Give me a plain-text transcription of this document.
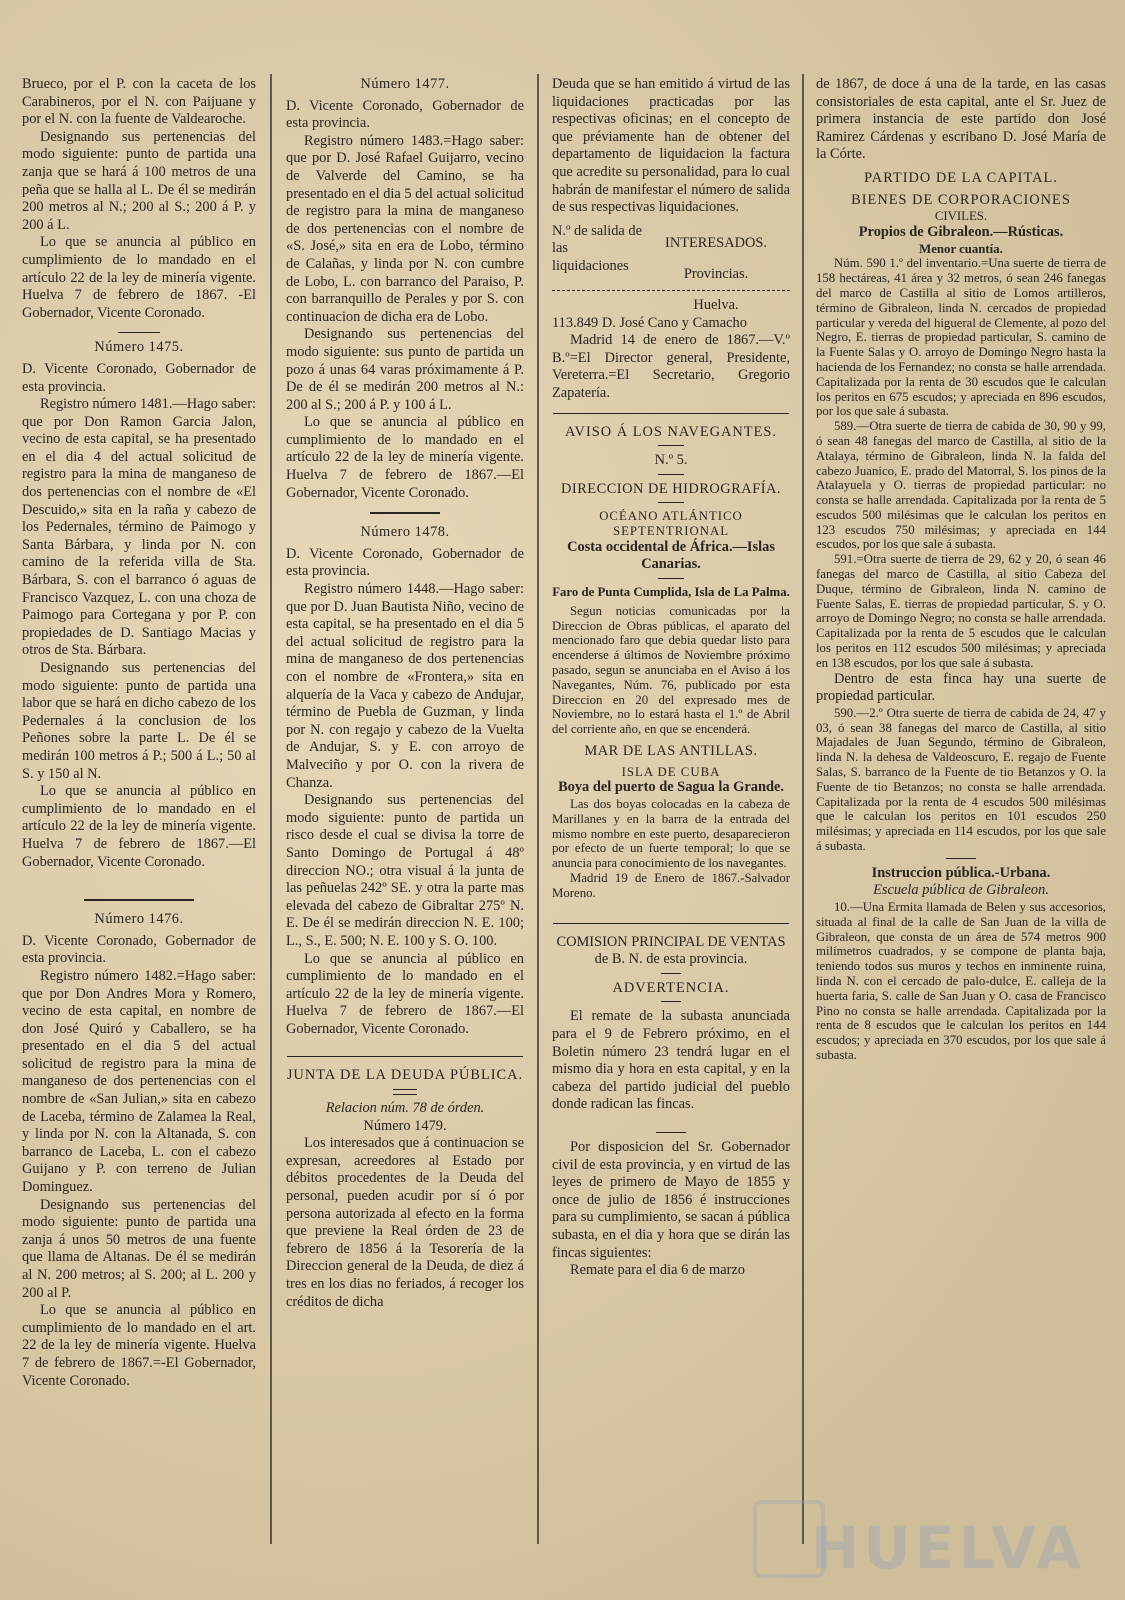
Brueco, por el P. con la caceta de los Carabineros, por el N. con Paijuane y por el N. con la fuente de Valdearoche.

Designando sus pertenencias del modo siguiente: punto de partida una zanja que se hará á 100 metros de una peña que se halla al L. De él se medirán 200 metros al N.; 200 al S.; 200 á P. y 200 á L.

Lo que se anuncia al público en cumplimiento de lo mandado en el artículo 22 de la ley de minería vigente. Huelva 7 de febrero de 1867. -El Gobernador, Vicente Coronado.

Número 1475.

D. Vicente Coronado, Gobernador de esta provincia.

Registro número 1481.—Hago saber: que por Don Ramon Garcia Jalon, vecino de esta capital, se ha presentado en el dia 4 del actual solicitud de registro para la mina de manganeso de dos pertenencias con el nombre de «El Descuido,» sita en la raña y cabezo de los Pedernales, término de Paimogo y Santa Bárbara, y linda por N. con camino de la referida villa de Sta. Bárbara, S. con el barranco ó aguas de Francisco Vazquez, L. con una choza de Paimogo para Cortegana y por P. con propiedades de D. Santiago Macias y otros de Sta. Bárbara.

Designando sus pertenencias del modo siguiente: punto de partida una labor que se hará en dicho cabezo de los Pedernales á la conclusion de los Peñones sobre la parte L. De él se medirán 100 metros á P.; 500 á L.; 50 al S. y 150 al N.

Lo que se anuncia al público en cumplimiento de lo mandado en el artículo 22 de la ley de minería vigente. Huelva 7 de febrero de 1867.—El Gobernador, Vicente Coronado.

Número 1476.

D. Vicente Coronado, Gobernador de esta provincia.

Registro número 1482.=Hago saber: que por Don Andres Mora y Romero, vecino de esta capital, en nombre de don José Quiró y Caballero, se ha presentado en el dia 5 del actual solicitud de registro para la mina de manganeso de dos pertenencias con el nombre de «San Julian,» sita en cabezo de Laceba, término de Zalamea la Real, y linda por N. con la Altanada, S. con barranco de Laceba, L. con el cabezo Guijano y P. con terreno de Julian Dominguez.

Designando sus pertenencias del modo siguiente: punto de partida una zanja á unos 50 metros de una fuente que llama de Altanas. De él se medirán al N. 200 metros; al S. 200; al L. 200 y 200 al P.

Lo que se anuncia al público en cumplimiento de lo mandado en el art. 22 de la ley de minería vigente. Huelva 7 de febrero de 1867.=-El Gobernador, Vicente Coronado.

Número 1477.

D. Vicente Coronado, Gobernador de esta provincia.

Registro número 1483.=Hago saber: que por D. José Rafael Guijarro, vecino de Valverde del Camino, se ha presentado en el dia 5 del actual solicitud de registro para la mina de manganeso de dos pertenencias con el nombre de «S. José,» sita en era de Lobo, término de Calañas, y linda por N. con cumbre de Lobo, L. con barranco del Paraiso, P. con barranquillo de Perales y por S. con continuacion de dicha era de Lobo.

Designando sus pertenencias del modo siguiente: sus punto de partida un pozo á unas 64 varas próximamente á P. De de él se medirán 200 metros al N.: 200 al S.; 200 á P. y 100 á L.

Lo que se anuncia al público en cumplimiento de lo mandado en el artículo 22 de la ley de minería vigente. Huelva 7 de febrero de 1867.—El Gobernador, Vicente Coronado.

Número 1478.

D. Vicente Coronado, Gobernador de esta provincia.

Registro número 1448.—Hago saber: que por D. Juan Bautista Niño, vecino de esta capital, se ha presentado en el dia 5 del actual solicitud de registro para la mina de manganeso de dos pertenencias con el nombre de «Frontera,» sita en alquería de la Vaca y cabezo de Andujar, término de Puebla de Guzman, y linda por N. con regajo y cabezo de la Vuelta de Andujar, S. y E. con arroyo de Malveciño y por O. con la rivera de Chanza.

Designando sus pertenencias del modo siguiente: punto de partida un risco desde el cual se divisa la torre de Santo Domingo de Portugal á 48º direccion NO.; otra visual á la junta de las peñuelas 242º SE. y otra la parte mas elevada del cabezo de Gibraltar 275º N. E. De él se medirán direccion N. E. 100; L., S., E. 500; N. E. 100 y S. O. 100.

Lo que se anuncia al público en cumplimiento de lo mandado en el artículo 22 de la ley de minería vigente. Huelva 7 de febrero de 1867.—El Gobernador, Vicente Coronado.

JUNTA DE LA DEUDA PÚBLICA.

Relacion núm. 78 de órden.

Número 1479.

Los interesados que á continuacion se expresan, acreedores al Estado por débitos procedentes de la Deuda del personal, pueden acudir por sí ó por persona autorizada al efecto en la forma que previene la Real órden de 23 de febrero de 1856 á la Tesorería de la Direccion general de la Deuda, de diez á tres en los dias no feriados, á recoger los créditos de dicha

Deuda que se han emitido á virtud de las liquidaciones practicadas por las respectivas oficinas; en el concepto de que préviamente han de obtener del departamento de liquidacion la factura que acredite su personalidad, para lo cual habrán de manifestar el número de salida de sus respectivas liquidaciones.

N.º de salida de las liquidaciones
INTERESADOS.
Provincias.

Huelva.

113.849 D. José Cano y Camacho

Madrid 14 de enero de 1867.—V.º B.º=El Director general, Presidente, Vereterra.=El Secretario, Gregorio Zapatería.

AVISO Á LOS NAVEGANTES.

N.º 5.

DIRECCION DE HIDROGRAFÍA.

OCÉANO ATLÁNTICO SEPTENTRIONAL

Costa occidental de África.—Islas Canarias.

Faro de Punta Cumplida, Isla de La Palma.

Segun noticias comunicadas por la Direccion de Obras públicas, el aparato del mencionado faro que debia quedar listo para encenderse á últimos de Noviembre próximo pasado, segun se anunciaba en el Aviso á los Navegantes, Núm. 76, publicado por esta Direccion en 20 del expresado mes de Noviembre, no lo estará hasta el 1.º de Abril del corriente año, en que se encenderá.

MAR DE LAS ANTILLAS.

ISLA DE CUBA

Boya del puerto de Sagua la Grande.

Las dos boyas colocadas en la cabeza de Marillanes y en la barra de la entrada del mismo nombre en este puerto, desaparecieron por efecto de un fuerte temporal; lo que se anuncia para conocimiento de los navegantes.

Madrid 19 de Enero de 1867.-Salvador Moreno.

COMISION PRINCIPAL DE VENTAS de B. N. de esta provincia.

ADVERTENCIA.

El remate de la subasta anunciada para el 9 de Febrero próximo, en el Boletin número 23 tendrá lugar en el mismo dia y hora en esta capital, y en la cabeza del partido judicial del pueblo donde radican las fincas.

Por disposicion del Sr. Gobernador civil de esta provincia, y en virtud de las leyes de primero de Mayo de 1855 y once de julio de 1856 é instrucciones para su cumplimiento, se sacan á pública subasta, en el dia y hora que se dirán las fincas siguientes:

Remate para el dia 6 de marzo

de 1867, de doce á una de la tarde, en las casas consistoriales de esta capital, ante el Sr. Juez de primera instancia de este partido don José Ramirez Cárdenas y escribano D. José María de la Córte.

PARTIDO DE LA CAPITAL.

BIENES DE CORPORACIONES

CIVILES.

Propios de Gibraleon.—Rústicas.

Menor cuantía.

Núm. 590 1.º del inventario.=Una suerte de tierra de 158 hectáreas, 41 área y 32 metros, ó sean 246 fanegas del marco de Castilla al sitio de Lomos artilleros, término de Gibraleon, linda N. cercados de propiedad particular y vereda del higueral de Clemente, al pozo del Negro, E. tierras de propiedad particular, S. camino de la Fuente Salas y O. arroyo de Domingo Negro hasta la hacienda de los Fernandez; no consta se halle arrendada. Capitalizada por la renta de 30 escudos que le calculan los peritos en 675 escudos; y apreciada en 896 escudos, por los que sale á subasta.

589.—Otra suerte de tierra de cabida de 30, 90 y 99, ó sean 48 fanegas del marco de Castilla, al sitio de la Atalaya, término de Gibraleon, linda N. la falda del cabezo Juanico, E. prado del Matorral, S. los pinos de la Atalayuela y O. tierras de propiedad particular: no consta se halle arrendada. Capitalizada por la renta de 5 escudos 500 milésimas que le calculan los peritos en 123 escudos 750 milésimas; y apreciada en 144 escudos, por los que sale á subasta.

591.=Otra suerte de tierra de 29, 62 y 20, ó sean 46 fanegas del marco de Castilla, al sitio Cabeza del Duque, término de Gibraleon, linda N. camino de Fuente Salas, E. tierras de propiedad particular, S. y O. arroyo de Domingo Negro; no consta se halle arrendada. Capitalizada por la renta de 5 escudos que le calculan los peritos en 112 escudos 500 milésimas; y apreciada en 138 escudos, por los que sale á subasta.

Dentro de esta finca hay una suerte de propiedad particular.

590.—2.º Otra suerte de tierra de cabida de 24, 47 y 03, ó sean 38 fanegas del marco de Castilla, al sitio Majadales de Juan Segundo, término de Gibraleon, linda N. la dehesa de Valdeoscuro, E. regajo de Fuente Salas, S. barranco de la Fuente de tio Betanzos y O. la Fuente de tio Betanzos; no consta se halle arrendada. Capitalizada por la renta de 4 escudos 500 milésimas que le calculan los peritos en 101 escudos 250 milésimas; y apreciada en 114 escudos, por los que sale á subasta.

Instruccion pública.-Urbana.

Escuela pública de Gibraleon.

10.—Una Ermita llamada de Belen y sus accesorios, situada al final de la calle de San Juan de la villa de Gibraleon, que consta de un área de 574 metros 900 milímetros cuadrados, y se compone de planta baja, teniendo todos sus muros y techos en inminente ruina, linda N. con el cercado de palo-dulce, E. calleja de la huerta faria, S. calle de San Juan y O. casa de Francisco Pino no consta se halle arrendada. Capitalizada por la renta de 8 escudos que le calculan los peritos en 144 escudos; y apreciada en 370 escudos, por los que sale á subasta.

HUELVA
